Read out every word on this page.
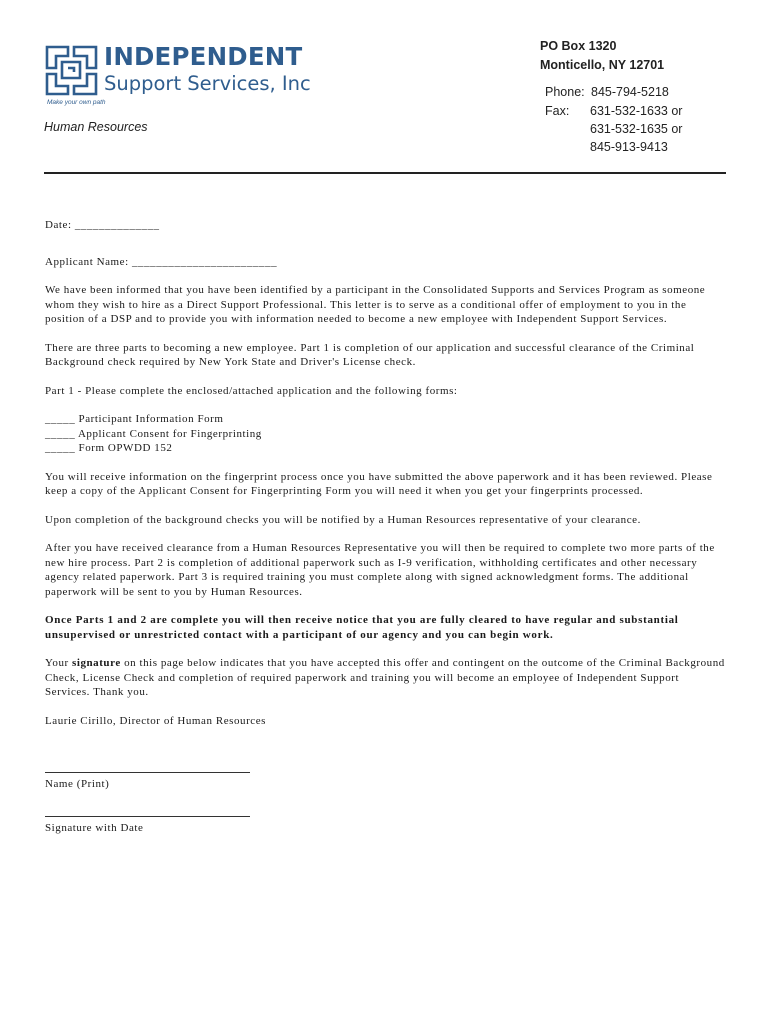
INDEPENDENT
Support Services, Inc
Make your own path
Human Resources
PO Box 1320
Monticello, NY 12701
Phone: 845-794-5218
Fax: 631-532-1633 or
631-532-1635 or
845-913-9413

Date: ______________

Applicant Name: ________________________

We have been informed that you have been identified by a participant in the Consolidated Supports and Services Program as someone whom they wish to hire as a Direct Support Professional. This letter is to serve as a conditional offer of employment to you in the position of a DSP and to provide you with information needed to become a new employee with Independent Support Services.

There are three parts to becoming a new employee. Part 1 is completion of our application and successful clearance of the Criminal Background check required by New York State and Driver's License check.

Part 1 - Please complete the enclosed/attached application and the following forms:

_____ Participant Information Form
_____ Applicant Consent for Fingerprinting
_____ Form OPWDD 152

You will receive information on the fingerprint process once you have submitted the above paperwork and it has been reviewed. Please keep a copy of the Applicant Consent for Fingerprinting Form you will need it when you get your fingerprints processed.

Upon completion of the background checks you will be notified by a Human Resources representative of your clearance.

After you have received clearance from a Human Resources Representative you will then be required to complete two more parts of the new hire process. Part 2 is completion of additional paperwork such as I-9 verification, withholding certificates and other necessary agency related paperwork. Part 3 is required training you must complete along with signed acknowledgment forms. The additional paperwork will be sent to you by Human Resources.

Once Parts 1 and 2 are complete you will then receive notice that you are fully cleared to have regular and substantial unsupervised or unrestricted contact with a participant of our agency and you can begin work.

Your signature on this page below indicates that you have accepted this offer and contingent on the outcome of the Criminal Background Check, License Check and completion of required paperwork and training you will become an employee of Independent Support Services. Thank you.

Laurie Cirillo, Director of Human Resources

Name (Print)
Signature with Date
